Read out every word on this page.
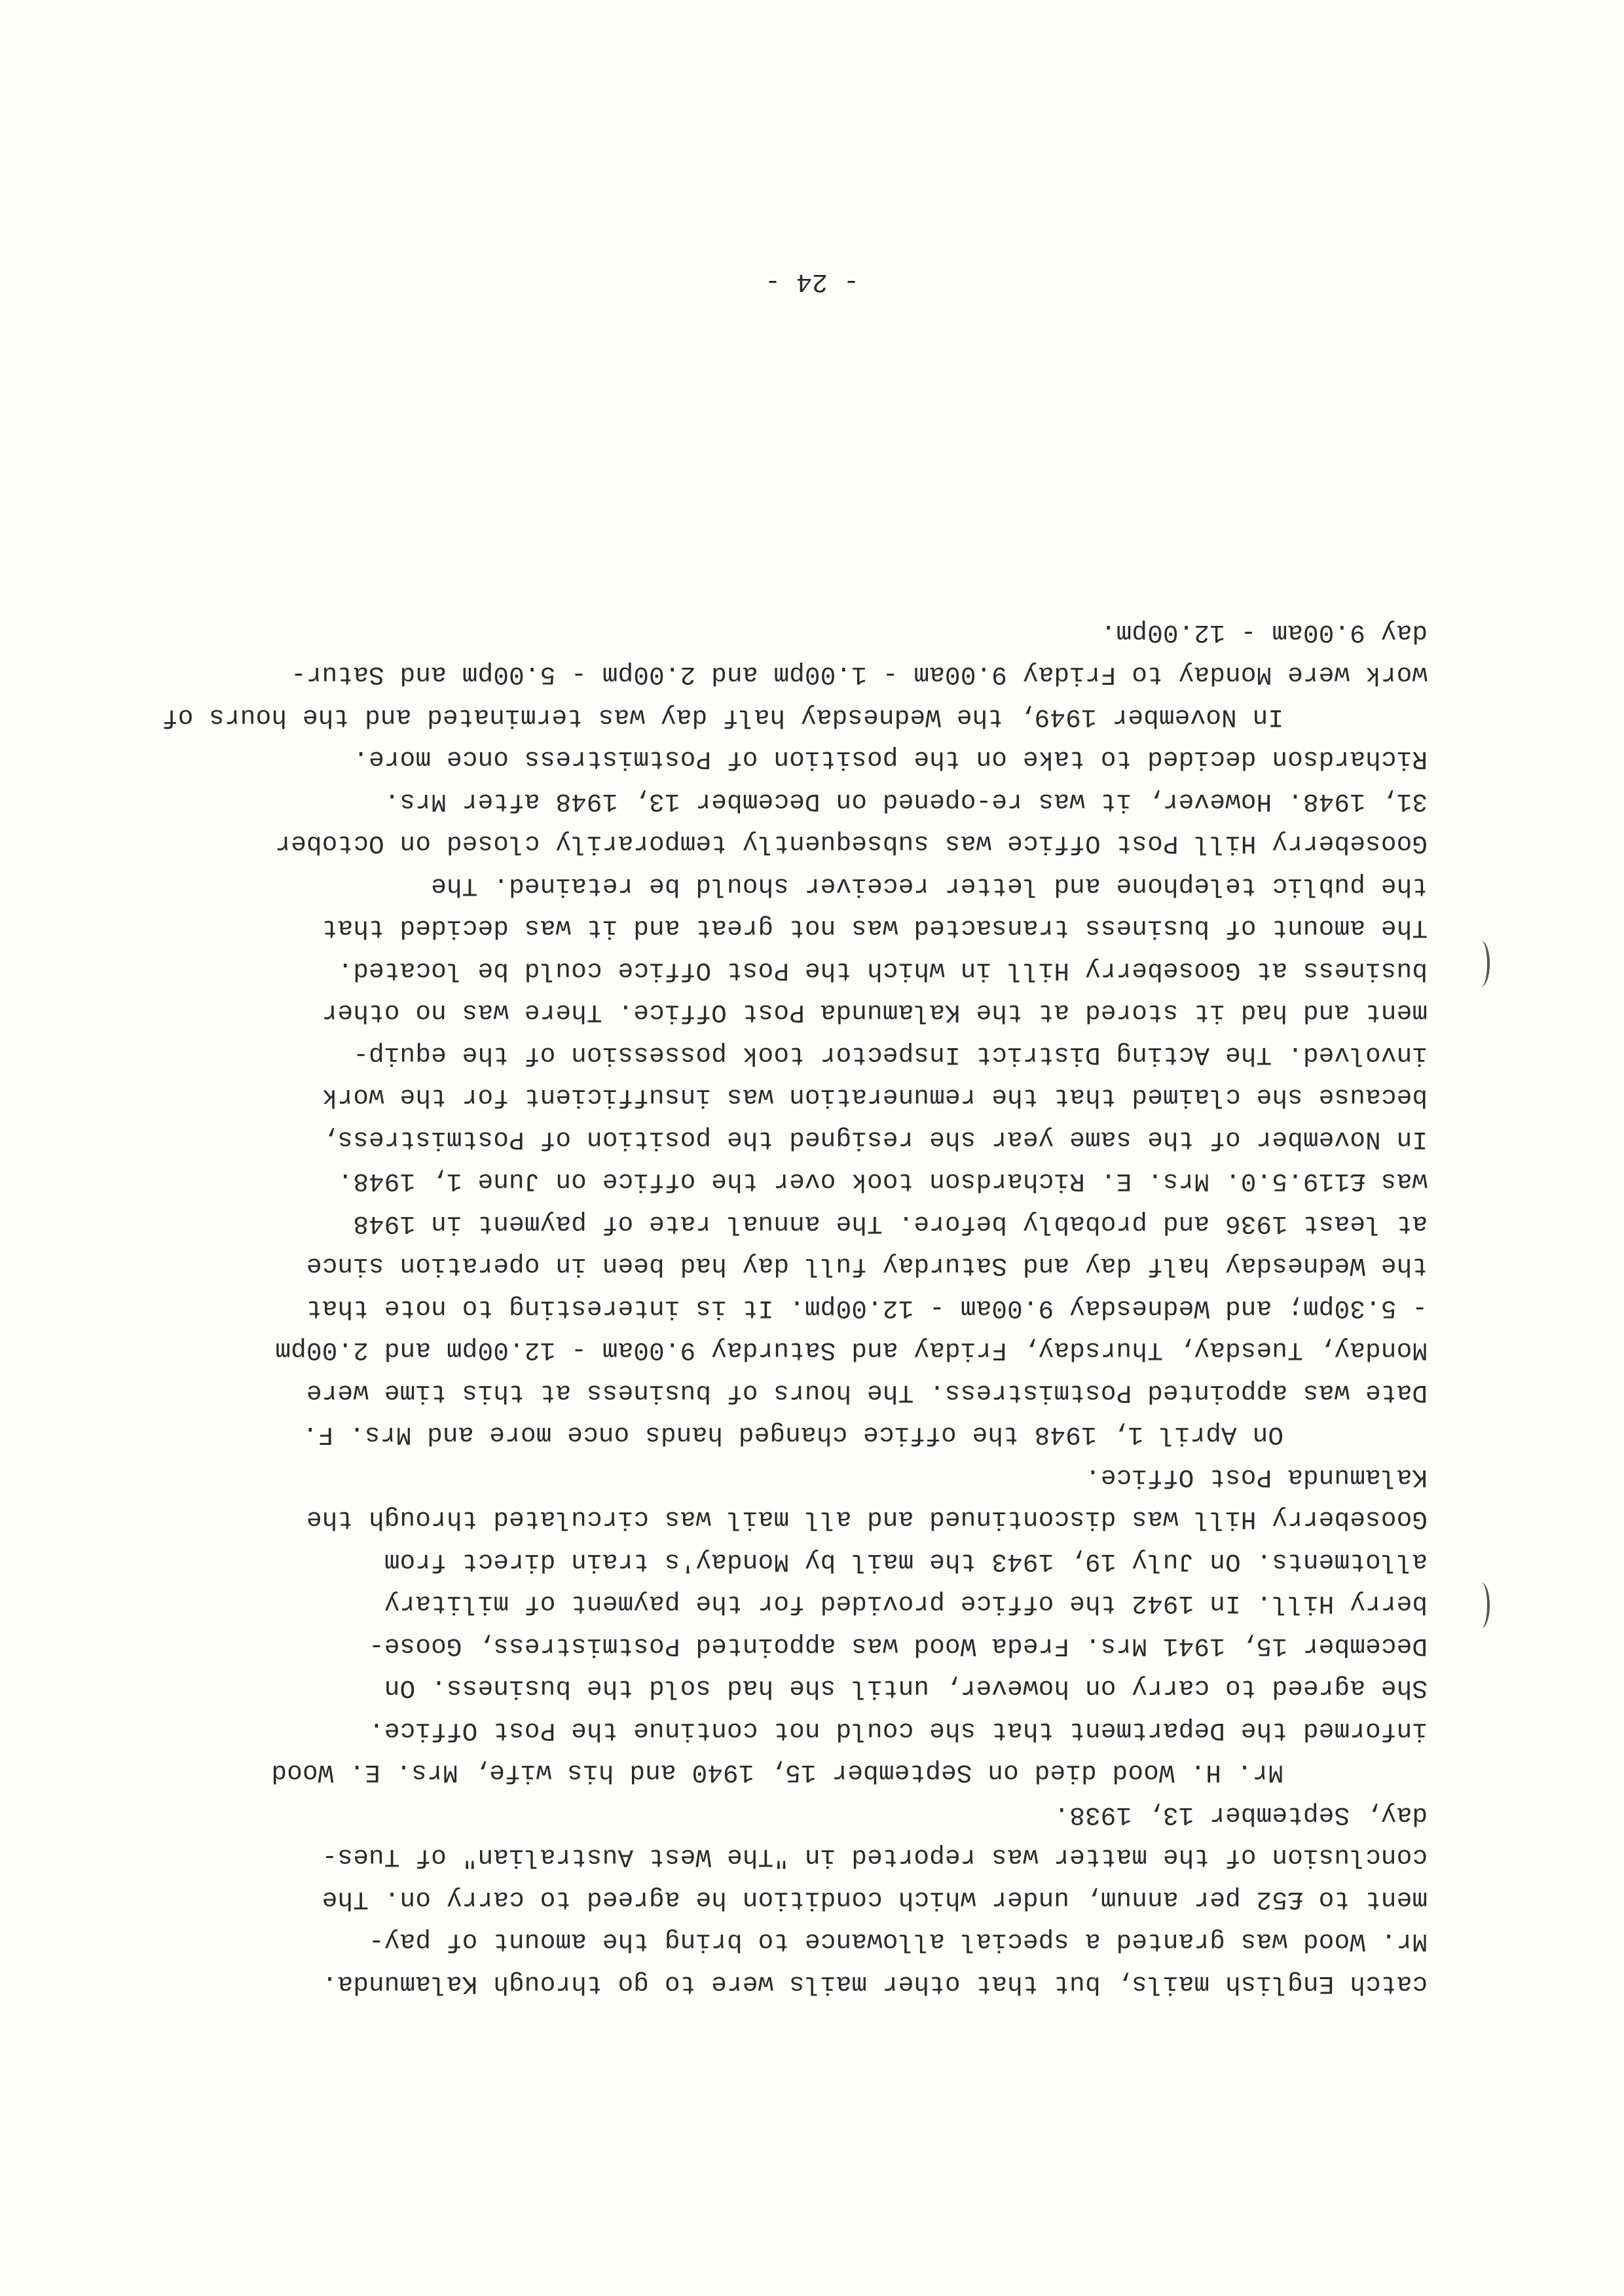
catch English mails, but that other mails were to go through Kalamunda.
Mr. Wood was granted a special allowance to bring the amount of pay-
ment to £52 per annum, under which condition he agreed to carry on. The
conclusion of the matter was reported in "The West Australian" of Tues-
day, September 13, 1938.
Mr. H. Wood died on September 15, 1940 and his wife, Mrs. E. Wood
informed the Department that she could not continue the Post Office.
She agreed to carry on however, until she had sold the business. On
December 15, 1941 Mrs. Freda Wood was appointed Postmistress, Goose-
berry Hill. In 1942 the office provided for the payment of military
allotments. On July 19, 1943 the mail by Monday's train direct from
Gooseberry Hill was discontinued and all mail was circulated through the
Kalamunda Post Office.
On April 1, 1948 the office changed hands once more and Mrs. F.
Date was appointed Postmistress. The hours of business at this time were
Monday, Tuesday, Thursday, Friday and Saturday 9.00am - 12.00pm and 2.00pm
- 5.30pm; and Wednesday 9.00am - 12.00pm. It is interesting to note that
the Wednesday half day and Saturday full day had been in operation since
at least 1936 and probably before. The annual rate of payment in 1948
was £119.5.0. Mrs. E. Richardson took over the office on June 1, 1948.
In November of the same year she resigned the position of Postmistress,
because she claimed that the remuneration was insufficient for the work
involved. The Acting District Inspector took possession of the equip-
ment and had it stored at the Kalamunda Post Office. There was no other
business at Gooseberry Hill in which the Post Office could be located.
The amount of business transacted was not great and it was decided that
the public telephone and letter receiver should be retained. The
Gooseberry Hill Post Office was subsequently temporarily closed on October
31, 1948. However, it was re-opened on December 13, 1948 after Mrs.
Richardson decided to take on the position of Postmistress once more.
In November 1949, the Wednesday half day was terminated and the hours of
work were Monday to Friday 9.00am - 1.00pm and 2.00pm - 5.00pm and Satur-
day 9.00am - 12.00pm.
- 24 -
